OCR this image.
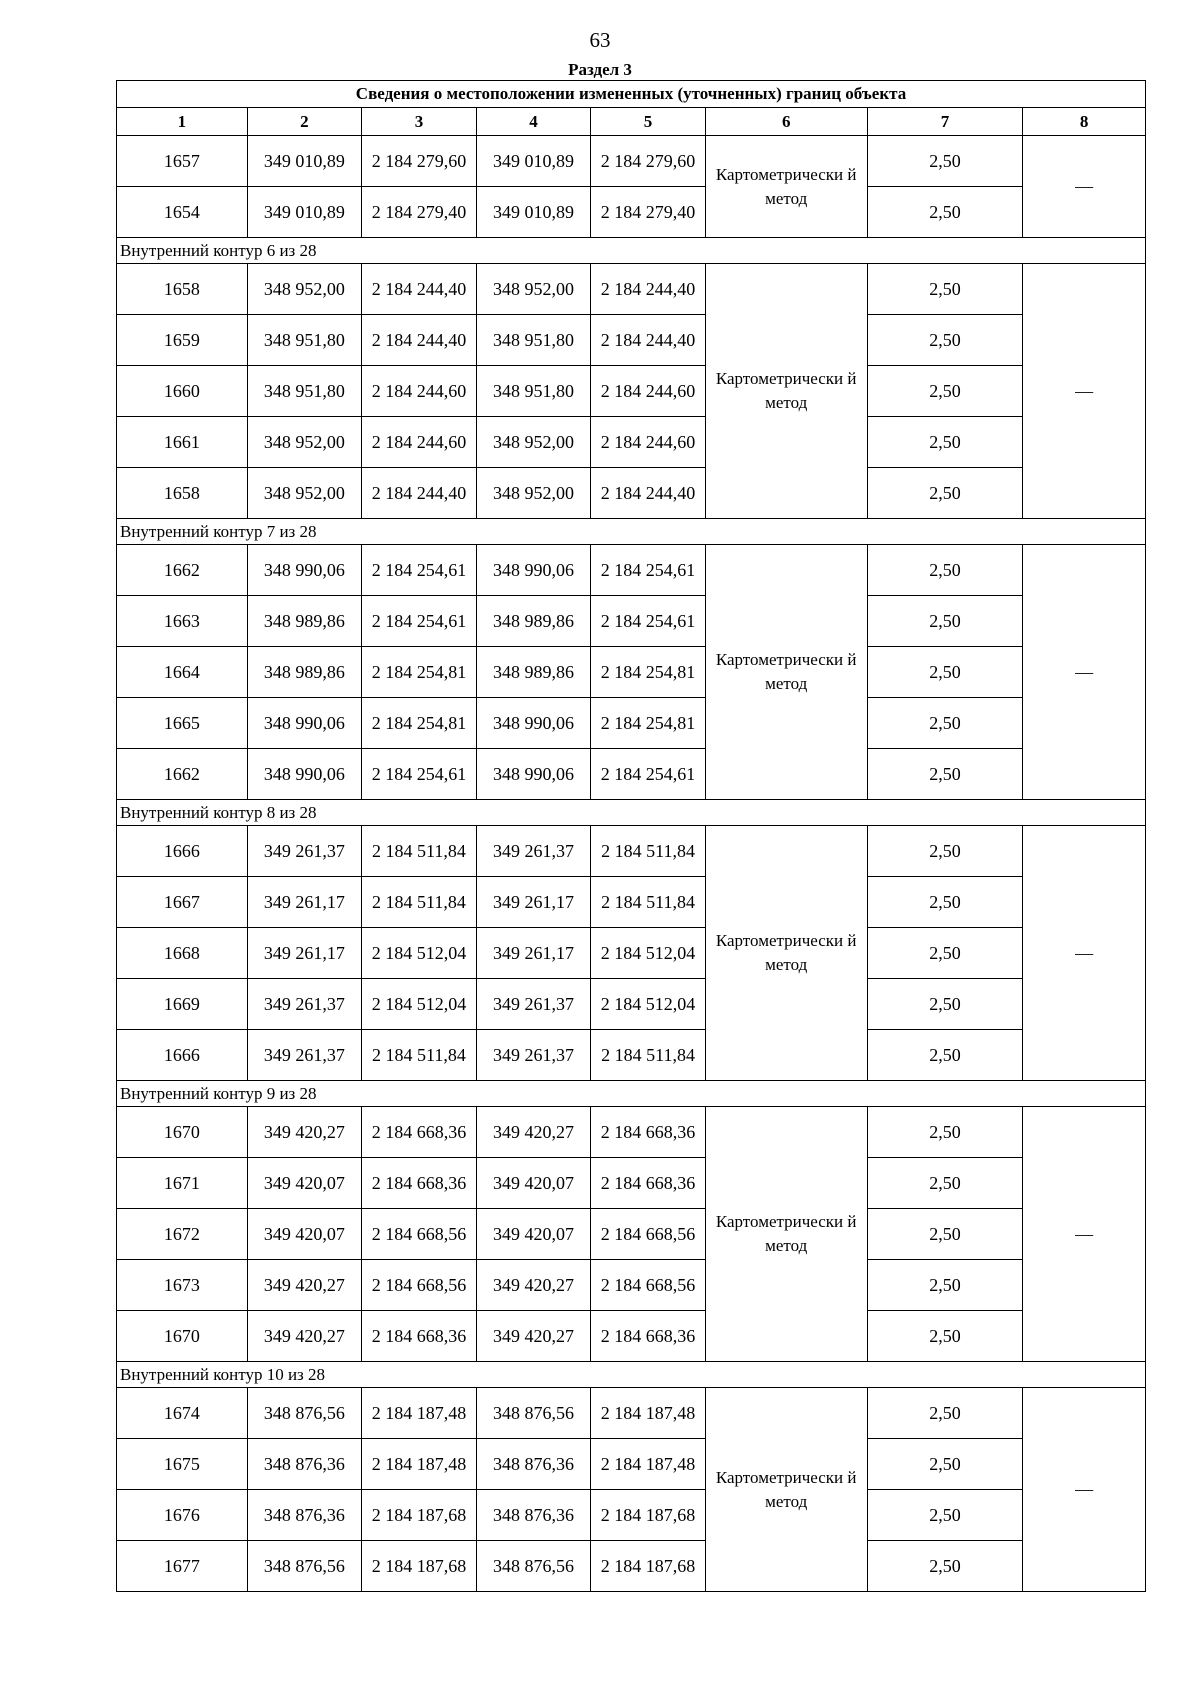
63
Раздел 3
Сведения о местоположении измененных (уточненных) границ объекта							
1	2	3	4	5	6	7	8
1657	349 010,89	2 184 279,60	349 010,89	2 184 279,60	Картометрически й метод	2,50	—
1654	349 010,89	2 184 279,40	349 010,89	2 184 279,40		2,50	
Внутренний контур 6 из 28							
1658	348 952,00	2 184 244,40	348 952,00	2 184 244,40	Картометрически й метод	2,50	—
1659	348 951,80	2 184 244,40	348 951,80	2 184 244,40		2,50	
1660	348 951,80	2 184 244,60	348 951,80	2 184 244,60		2,50	
1661	348 952,00	2 184 244,60	348 952,00	2 184 244,60		2,50	
1658	348 952,00	2 184 244,40	348 952,00	2 184 244,40		2,50	
Внутренний контур 7 из 28							
1662	348 990,06	2 184 254,61	348 990,06	2 184 254,61	Картометрически й метод	2,50	—
1663	348 989,86	2 184 254,61	348 989,86	2 184 254,61		2,50	
1664	348 989,86	2 184 254,81	348 989,86	2 184 254,81		2,50	
1665	348 990,06	2 184 254,81	348 990,06	2 184 254,81		2,50	
1662	348 990,06	2 184 254,61	348 990,06	2 184 254,61		2,50	
Внутренний контур 8 из 28							
1666	349 261,37	2 184 511,84	349 261,37	2 184 511,84	Картометрически й метод	2,50	—
1667	349 261,17	2 184 511,84	349 261,17	2 184 511,84		2,50	
1668	349 261,17	2 184 512,04	349 261,17	2 184 512,04		2,50	
1669	349 261,37	2 184 512,04	349 261,37	2 184 512,04		2,50	
1666	349 261,37	2 184 511,84	349 261,37	2 184 511,84		2,50	
Внутренний контур 9 из 28							
1670	349 420,27	2 184 668,36	349 420,27	2 184 668,36	Картометрически й метод	2,50	—
1671	349 420,07	2 184 668,36	349 420,07	2 184 668,36		2,50	
1672	349 420,07	2 184 668,56	349 420,07	2 184 668,56		2,50	
1673	349 420,27	2 184 668,56	349 420,27	2 184 668,56		2,50	
1670	349 420,27	2 184 668,36	349 420,27	2 184 668,36		2,50	
Внутренний контур 10 из 28							
1674	348 876,56	2 184 187,48	348 876,56	2 184 187,48	Картометрически й метод	2,50	—
1675	348 876,36	2 184 187,48	348 876,36	2 184 187,48		2,50	
1676	348 876,36	2 184 187,68	348 876,36	2 184 187,68		2,50	
1677	348 876,56	2 184 187,68	348 876,56	2 184 187,68		2,50	
